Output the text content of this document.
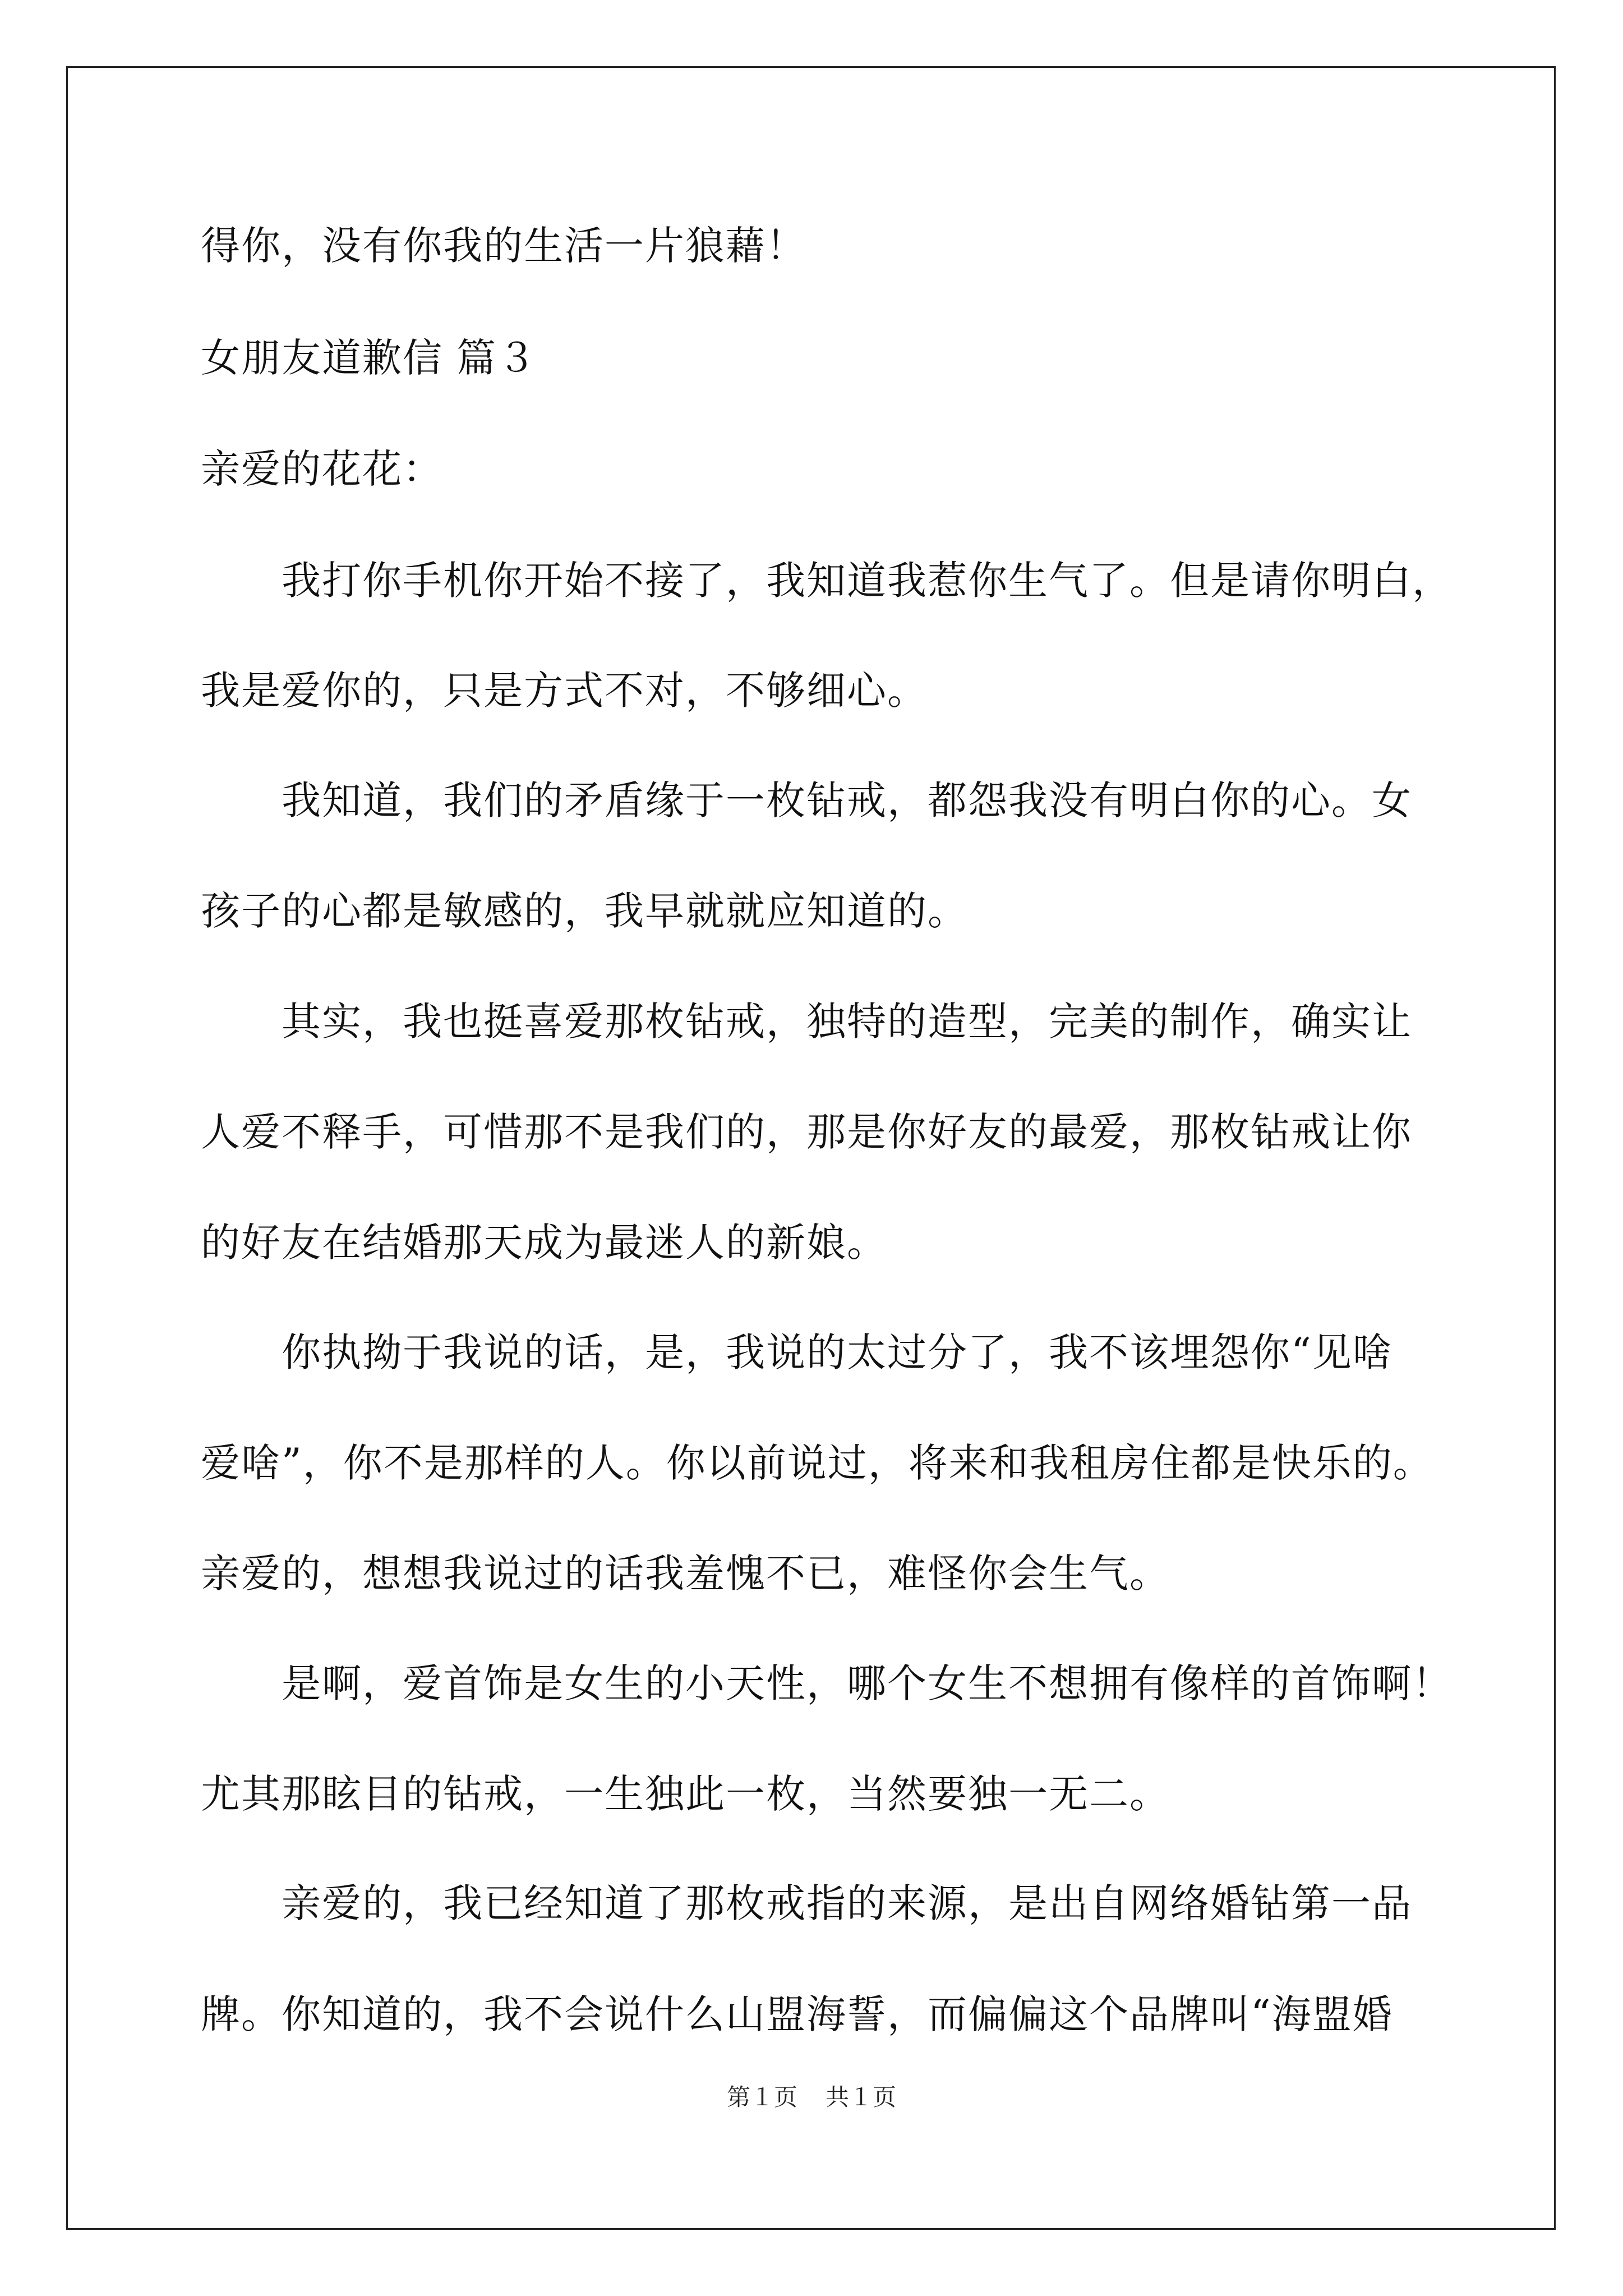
得你，没有你我的生活一片狼藉！
女朋友道歉信 篇３
亲爱的花花：
我打你手机你开始不接了，我知道我惹你生气了。但是请你明白，
我是爱你的，只是方式不对，不够细心。
我知道，我们的矛盾缘于一枚钻戒，都怨我没有明白你的心。女
孩子的心都是敏感的，我早就就应知道的。
其实，我也挺喜爱那枚钻戒，独特的造型，完美的制作，确实让
人爱不释手，可惜那不是我们的，那是你好友的最爱，那枚钻戒让你
的好友在结婚那天成为最迷人的新娘。
你执拗于我说的话，是，我说的太过分了，我不该埋怨你“见啥
爱啥”，你不是那样的人。你以前说过，将来和我租房住都是快乐的。
亲爱的，想想我说过的话我羞愧不已，难怪你会生气。
是啊，爱首饰是女生的小天性，哪个女生不想拥有像样的首饰啊！
尤其那眩目的钻戒，一生独此一枚，当然要独一无二。
亲爱的，我已经知道了那枚戒指的来源，是出自网络婚钻第一品
牌。你知道的，我不会说什么山盟海誓，而偏偏这个品牌叫“海盟婚
第１页 共１页
